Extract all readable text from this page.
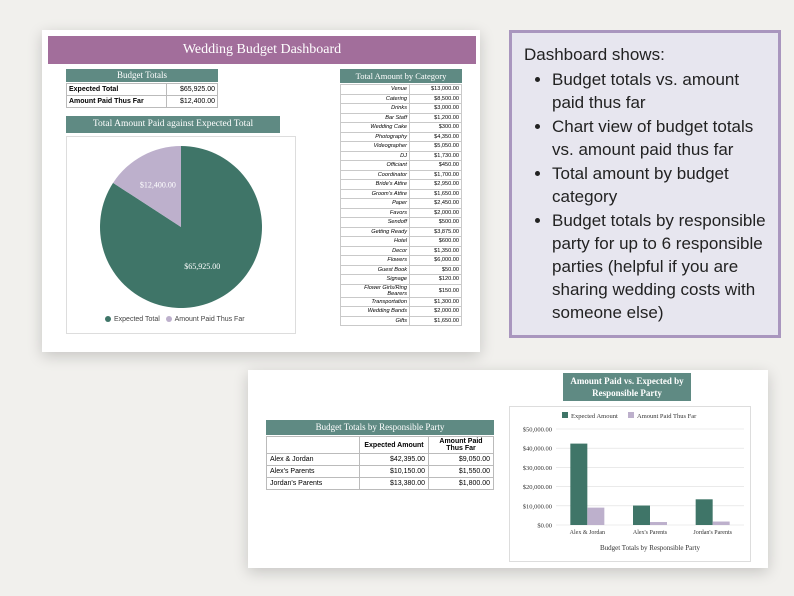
Wedding Budget Dashboard
Budget Totals
Expected Total	$65,925.00
Amount Paid Thus Far	$12,400.00
Total Amount Paid against Expected Total
$65,925.00
$12,400.00
Expected Total Amount Paid Thus Far
Total Amount by Category
Venue	$13,000.00
Catering	$8,500.00
Drinks	$3,000.00
Bar Staff	$1,200.00
Wedding Cake	$300.00
Photography	$4,350.00
Videographer	$5,050.00
DJ	$1,730.00
Officiant	$450.00
Coordinator	$1,700.00
Bride's Attire	$2,950.00
Groom's Attire	$1,650.00
Paper	$2,450.00
Favors	$2,000.00
Sendoff	$500.00
Getting Ready	$3,875.00
Hotel	$600.00
Decor	$1,350.00
Flowers	$6,000.00
Guest Book	$50.00
Signage	$120.00
Flower Girls/Ring Bearers	$150.00
Transportation	$1,300.00
Wedding Bands	$2,000.00
Gifts	$1,650.00
Dashboard shows:
• Budget totals vs. amount paid thus far
• Chart view of budget totals vs. amount paid thus far
• Total amount by budget category
• Budget totals by responsible party for up to 6 responsible parties (helpful if you are sharing wedding costs with someone else)
Budget Totals by Responsible Party
	Expected Amount	Amount Paid Thus Far
Alex & Jordan	$42,395.00	$9,050.00
Alex's Parents	$10,150.00	$1,550.00
Jordan's Parents	$13,380.00	$1,800.00
Amount Paid vs. Expected by Responsible Party
$0.00
$10,000.00
$20,000.00
$30,000.00
$40,000.00
$50,000.00
Alex & Jordan	Alex's Parents	Jordan's Parents
Expected Amount	Amount Paid Thus Far
Budget Totals by Responsible Party
